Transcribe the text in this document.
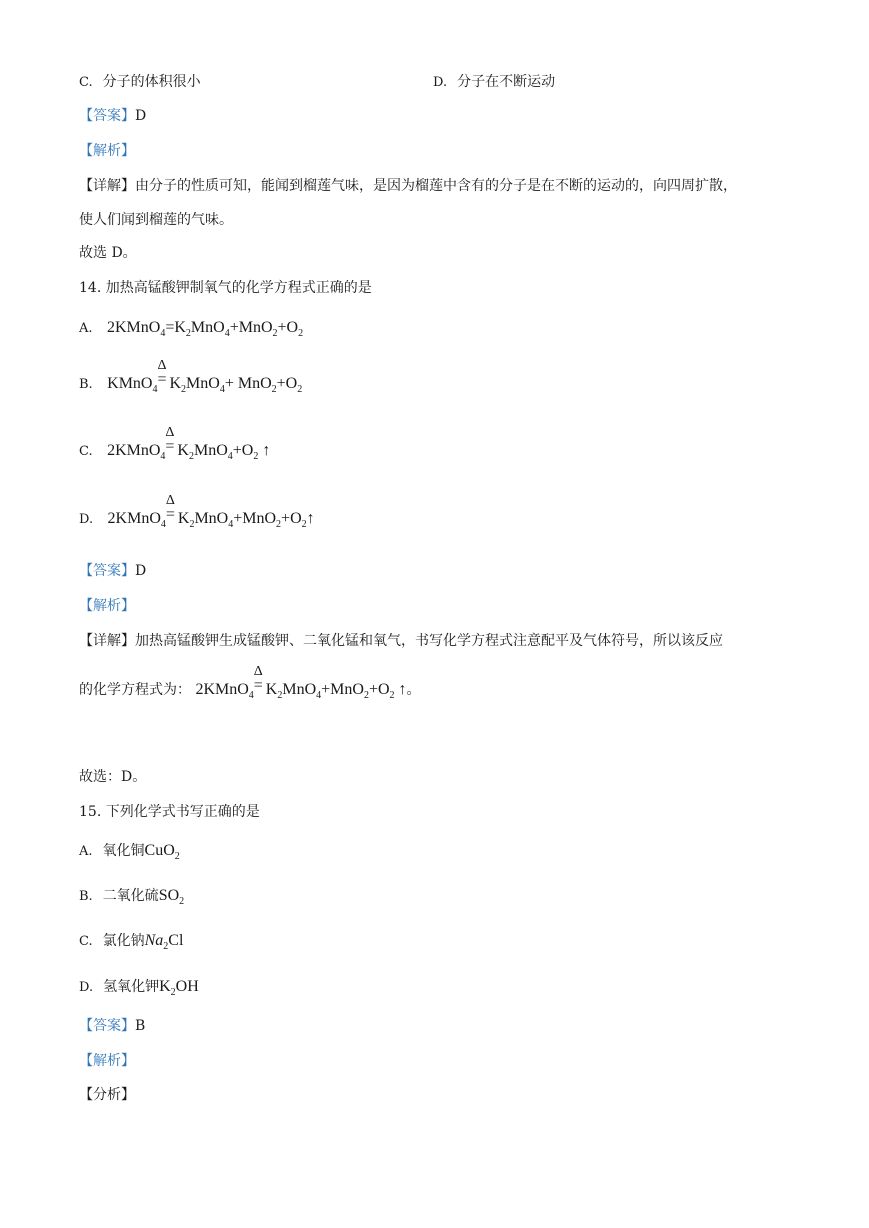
C. 分子的体积很小	D. 分子在不断运动
【答案】D
【解析】
【详解】由分子的性质可知，能闻到榴莲气味，是因为榴莲中含有的分子是在不断的运动的，向四周扩散，
使人们闻到榴莲的气味。
故选 D。
14. 加热高锰酸钾制氧气的化学方程式正确的是
A. $2KMnO_4=K_2MnO_4+MnO_2+O_2$
B. KMnO$_4$
Δ
= $K_2MnO_4+ MnO_2+O_2$
C. 2KMnO$_4$
Δ
= $K_2MnO_4+O_2$ ↑
D. 2KMnO$_4$
Δ
= $K_2MnO_4+MnO_2+O_2↑$
【答案】D
【解析】
【详解】加热高锰酸钾生成锰酸钾、二氧化锰和氧气，书写化学方程式注意配平及气体符号，所以该反应
的化学方程式为： 2KMnO$_4$
Δ
= $K_2MnO_4+MnO_2+O_2$ ↑。
故选：D。
15. 下列化学式书写正确的是
A. 氧化铜CuO$_2$
B. 二氧化硫$SO_2$
C. 氯化钠$Na_2Cl$
D. 氢氧化钾$K_2OH$
【答案】B
【解析】
【分析】
